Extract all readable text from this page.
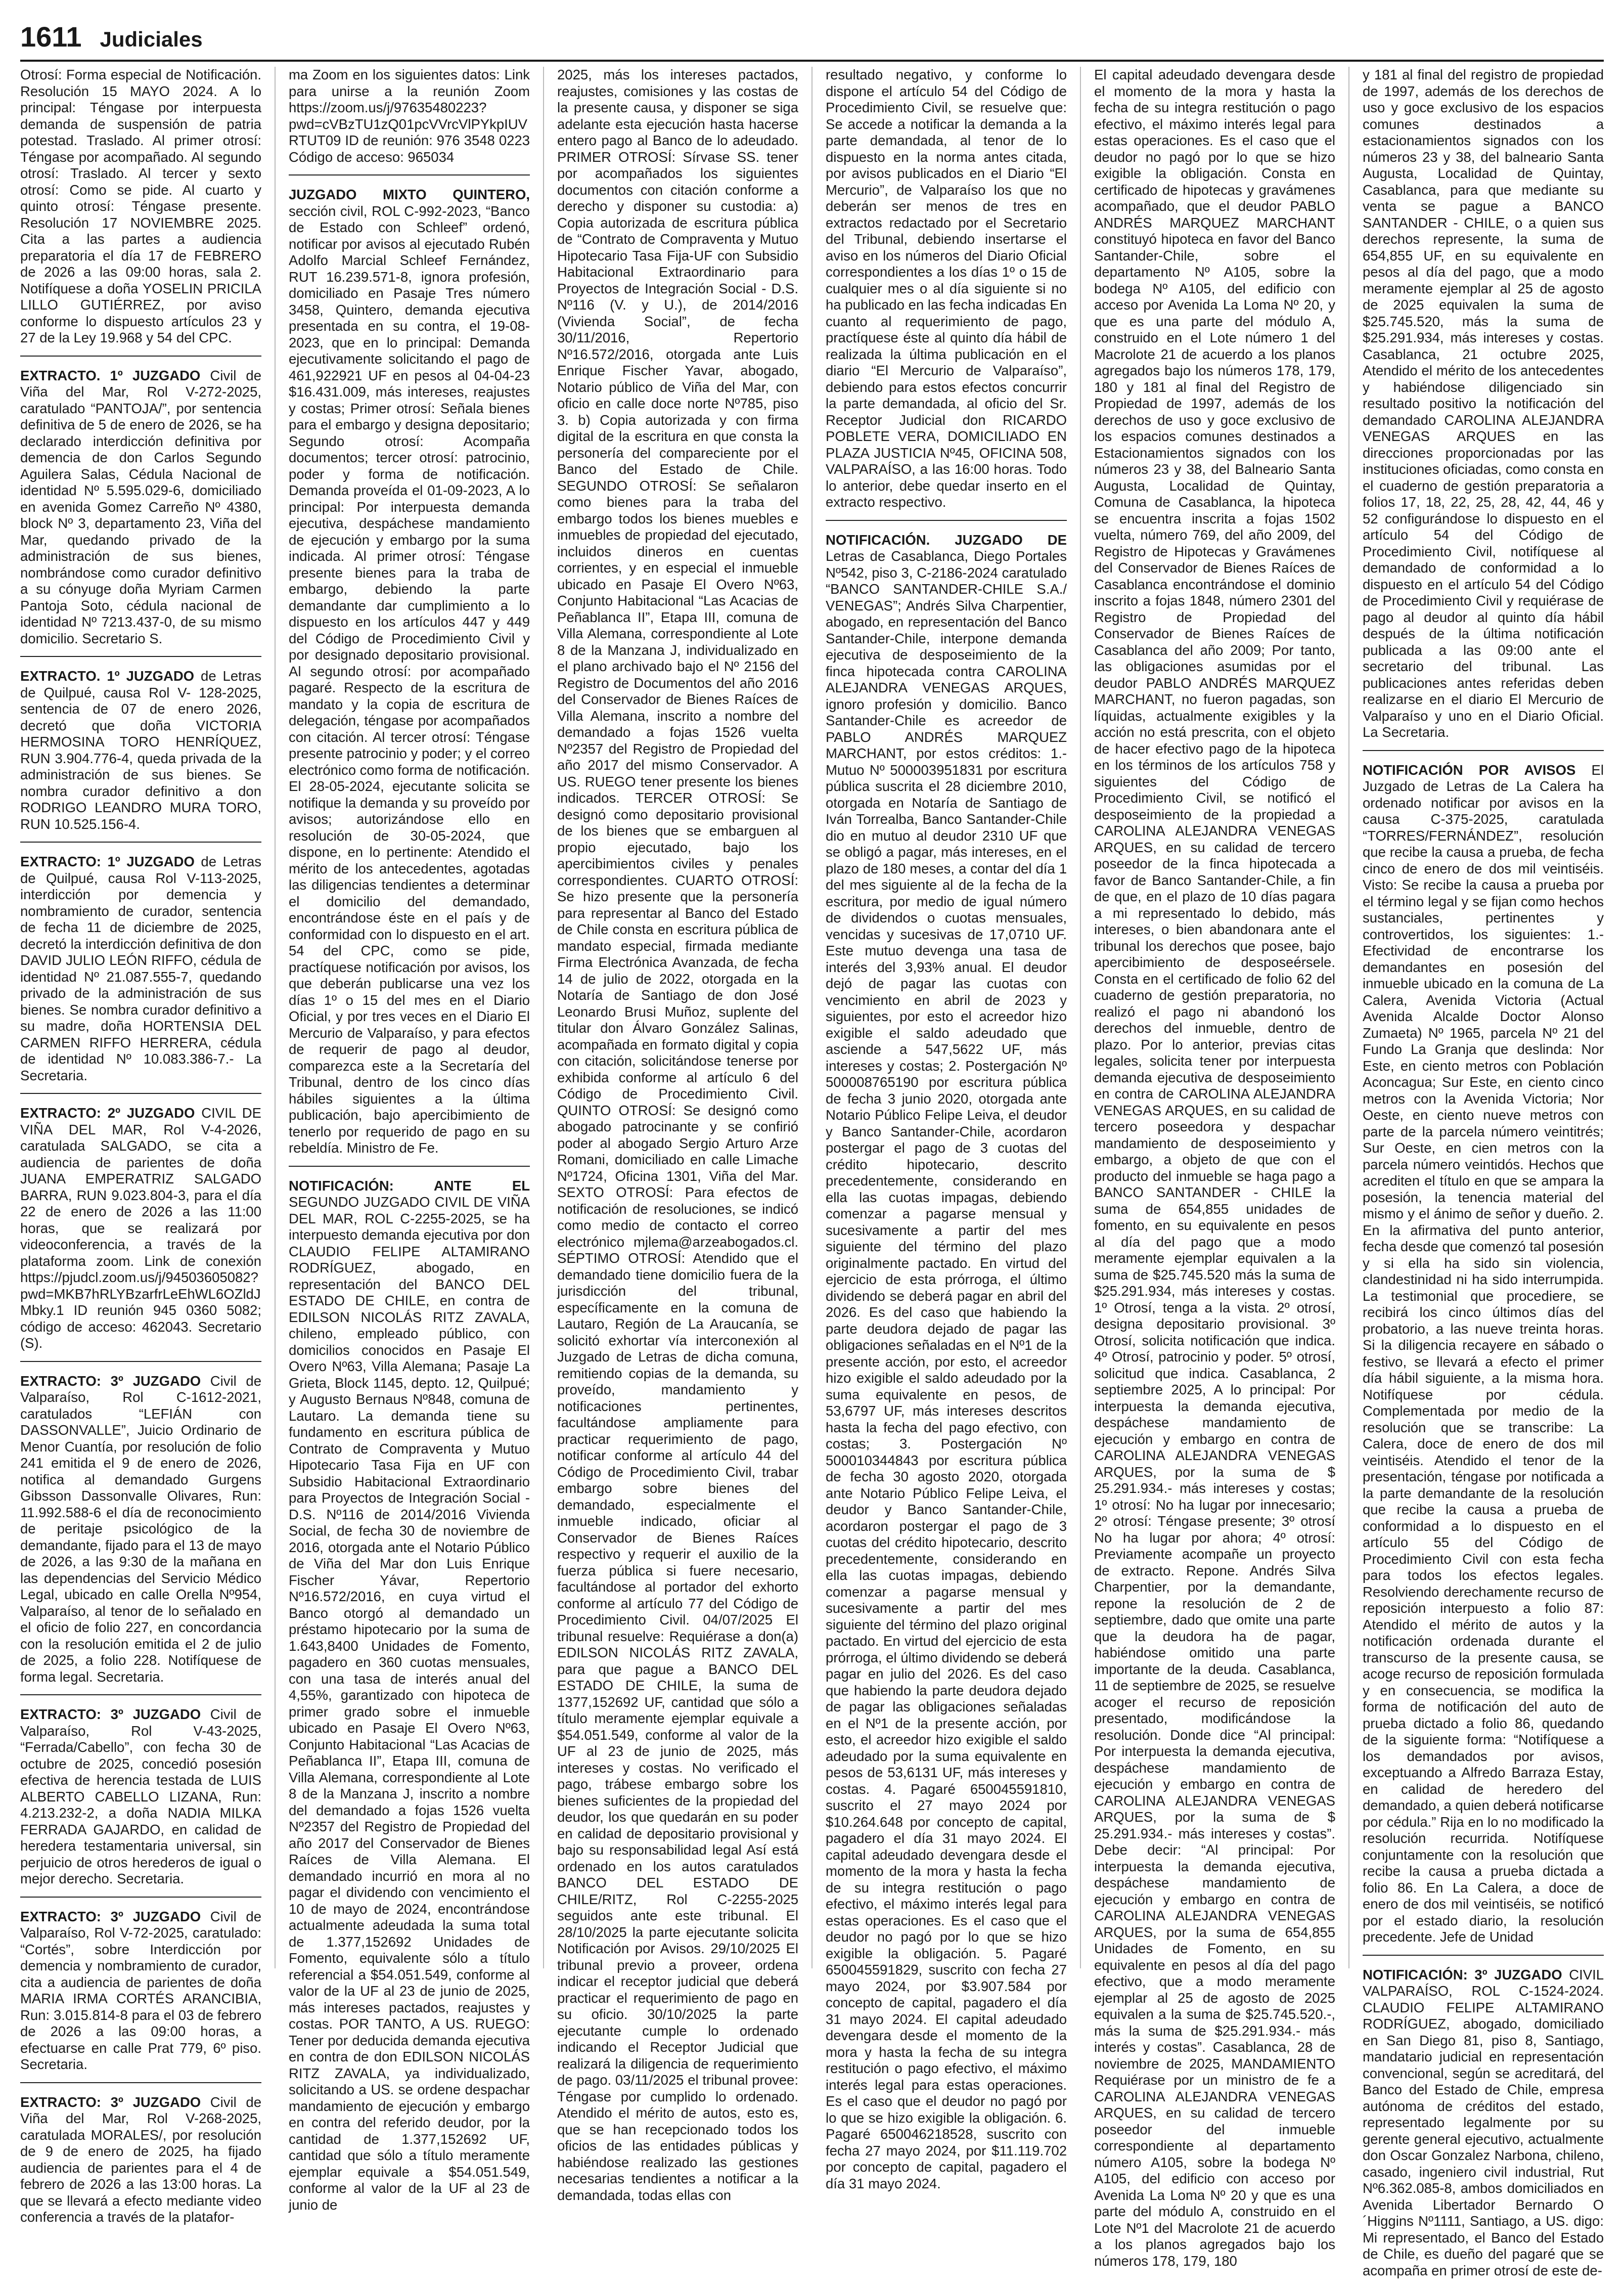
1611 Judiciales

Otrosí: Forma especial de Notificación. Resolución 15 MAYO 2024. A lo principal: Téngase por interpuesta demanda de suspensión de patria potestad. Traslado. Al primer otrosí: Téngase por acompañado. Al segundo otrosí: Traslado. Al tercer y sexto otrosí: Como se pide. Al cuarto y quinto otrosí: Téngase presente. Resolución 17 NOVIEMBRE 2025. Cita a las partes a audiencia preparatoria el día 17 de FEBRERO de 2026 a las 09:00 horas, sala 2. Notifíquese a doña YOSELIN PRICILA LILLO GUTIÉRREZ, por aviso conforme lo dispuesto artículos 23 y 27 de la Ley 19.968 y 54 del CPC.

EXTRACTO. 1º JUZGADO Civil de Viña del Mar, Rol V-272-2025, caratulado “PANTOJA/”, por sentencia definitiva de 5 de enero de 2026, se ha declarado interdicción definitiva por demencia de don Carlos Segundo Aguilera Salas, Cédula Nacional de identidad Nº 5.595.029-6, domiciliado en avenida Gomez Carreño Nº 4380, block Nº 3, departamento 23, Viña del Mar, quedando privado de la administración de sus bienes, nombrándose como curador definitivo a su cónyuge doña Myriam Carmen Pantoja Soto, cédula nacional de identidad Nº 7213.437-0, de su mismo domicilio. Secretario S.

EXTRACTO. 1º JUZGADO de Letras de Quilpué, causa Rol V- 128-2025, sentencia de 07 de enero 2026, decretó que doña VICTORIA HERMOSINA TORO HENRÍQUEZ, RUN 3.904.776-4, queda privada de la administración de sus bienes. Se nombra curador definitivo a don RODRIGO LEANDRO MURA TORO, RUN 10.525.156-4.

EXTRACTO: 1º JUZGADO de Letras de Quilpué, causa Rol V-113-2025, interdicción por demencia y nombramiento de curador, sentencia de fecha 11 de diciembre de 2025, decretó la interdicción definitiva de don DAVID JULIO LEÓN RIFFO, cédula de identidad Nº 21.087.555-7, quedando privado de la administración de sus bienes. Se nombra curador definitivo a su madre, doña HORTENSIA DEL CARMEN RIFFO HERRERA, cédula de identidad Nº 10.083.386-7.- La Secretaria.

EXTRACTO: 2º JUZGADO CIVIL DE VIÑA DEL MAR, Rol V-4-2026, caratulada SALGADO, se cita a audiencia de parientes de doña JUANA EMPERATRIZ SALGADO BARRA, RUN 9.023.804-3, para el día 22 de enero de 2026 a las 11:00 horas, que se realizará por videoconferencia, a través de la plataforma zoom. Link de conexión https://pjudcl.zoom.us/j/94503605082?pwd=MKB7hRLYBzarfrLeEhWL6OZldJMbky.1 ID reunión 945 0360 5082; código de acceso: 462043. Secretario (S).

EXTRACTO: 3º JUZGADO Civil de Valparaíso, Rol C-1612-2021, caratulados “LEFIÁN con DASSONVALLE”, Juicio Ordinario de Menor Cuantía, por resolución de folio 241 emitida el 9 de enero de 2026, notifica al demandado Gurgens Gibsson Dassonvalle Olivares, Run: 11.992.588-6 el día de reconocimiento de peritaje psicológico de la demandante, fijado para el 13 de mayo de 2026, a las 9:30 de la mañana en las dependencias del Servicio Médico Legal, ubicado en calle Orella Nº954, Valparaíso, al tenor de lo señalado en el oficio de folio 227, en concordancia con la resolución emitida el 2 de julio de 2025, a folio 228. Notifíquese de forma legal. Secretaria.

EXTRACTO: 3º JUZGADO Civil de Valparaíso, Rol V-43-2025, “Ferrada/Cabello”, con fecha 30 de octubre de 2025, concedió posesión efectiva de herencia testada de LUIS ALBERTO CABELLO LIZANA, Run: 4.213.232-2, a doña NADIA MILKA FERRADA GAJARDO, en calidad de heredera testamentaria universal, sin perjuicio de otros herederos de igual o mejor derecho. Secretaria.

EXTRACTO: 3º JUZGADO Civil de Valparaíso, Rol V-72-2025, caratulado: “Cortés”, sobre Interdicción por demencia y nombramiento de curador, cita a audiencia de parientes de doña MARIA IRMA CORTÉS ARANCIBIA, Run: 3.015.814-8 para el 03 de febrero de 2026 a las 09:00 horas, a efectuarse en calle Prat 779, 6º piso. Secretaria.

EXTRACTO: 3º JUZGADO Civil de Viña del Mar, Rol V-268-2025, caratulada MORALES/, por resolución de 9 de enero de 2025, ha fijado audiencia de parientes para el 4 de febrero de 2026 a las 13:00 horas. La que se llevará a efecto mediante video conferencia a través de la platafor-

ma Zoom en los siguientes datos: Link para unirse a la reunión Zoom https://zoom.us/j/97635480223?pwd=cVBzTU1zQ01pcVVrcVlPYkpIUVRTUT09 ID de reunión: 976 3548 0223 Código de acceso: 965034

JUZGADO MIXTO QUINTERO, sección civil, ROL C-992-2023, “Banco de Estado con Schleef” ordenó, notificar por avisos al ejecutado Rubén Adolfo Marcial Schleef Fernández, RUT 16.239.571-8, ignora profesión, domiciliado en Pasaje Tres número 3458, Quintero, demanda ejecutiva presentada en su contra, el 19-08-2023, que en lo principal: Demanda ejecutivamente solicitando el pago de 461,922921 UF en pesos al 04-04-23 $16.431.009, más intereses, reajustes y costas; Primer otrosí: Señala bienes para el embargo y designa depositario; Segundo otrosí: Acompaña documentos; tercer otrosí: patrocinio, poder y forma de notificación. Demanda proveída el 01-09-2023, A lo principal: Por interpuesta demanda ejecutiva, despáchese mandamiento de ejecución y embargo por la suma indicada. Al primer otrosí: Téngase presente bienes para la traba de embargo, debiendo la parte demandante dar cumplimiento a lo dispuesto en los artículos 447 y 449 del Código de Procedimiento Civil y por designado depositario provisional. Al segundo otrosí: por acompañado pagaré. Respecto de la escritura de mandato y la copia de escritura de delegación, téngase por acompañados con citación. Al tercer otrosí: Téngase presente patrocinio y poder; y el correo electrónico como forma de notificación. El 28-05-2024, ejecutante solicita se notifique la demanda y su proveído por avisos; autorizándose ello en resolución de 30-05-2024, que dispone, en lo pertinente: Atendido el mérito de los antecedentes, agotadas las diligencias tendientes a determinar el domicilio del demandado, encontrándose éste en el país y de conformidad con lo dispuesto en el art. 54 del CPC, como se pide, practíquese notificación por avisos, los que deberán publicarse una vez los días 1º o 15 del mes en el Diario Oficial, y por tres veces en el Diario El Mercurio de Valparaíso, y para efectos de requerir de pago al deudor, comparezca este a la Secretaría del Tribunal, dentro de los cinco días hábiles siguientes a la última publicación, bajo apercibimiento de tenerlo por requerido de pago en su rebeldía. Ministro de Fe.

NOTIFICACIÓN: ANTE EL SEGUNDO JUZGADO CIVIL DE VIÑA DEL MAR, ROL C-2255-2025, se ha interpuesto demanda ejecutiva por don CLAUDIO FELIPE ALTAMIRANO RODRÍGUEZ, abogado, en representación del BANCO DEL ESTADO DE CHILE, en contra de EDILSON NICOLÁS RITZ ZAVALA, chileno, empleado público, con domicilios conocidos en Pasaje El Overo Nº63, Villa Alemana; Pasaje La Grieta, Block 1145, depto. 12, Quilpué; y Augusto Bernaus Nº848, comuna de Lautaro. La demanda tiene su fundamento en escritura pública de Contrato de Compraventa y Mutuo Hipotecario Tasa Fija en UF con Subsidio Habitacional Extraordinario para Proyectos de Integración Social - D.S. Nº116 de 2014/2016 Vivienda Social, de fecha 30 de noviembre de 2016, otorgada ante el Notario Público de Viña del Mar don Luis Enrique Fischer Yávar, Repertorio Nº16.572/2016, en cuya virtud el Banco otorgó al demandado un préstamo hipotecario por la suma de 1.643,8400 Unidades de Fomento, pagadero en 360 cuotas mensuales, con una tasa de interés anual del 4,55%, garantizado con hipoteca de primer grado sobre el inmueble ubicado en Pasaje El Overo Nº63, Conjunto Habitacional “Las Acacias de Peñablanca II”, Etapa III, comuna de Villa Alemana, correspondiente al Lote 8 de la Manzana J, inscrito a nombre del demandado a fojas 1526 vuelta Nº2357 del Registro de Propiedad del año 2017 del Conservador de Bienes Raíces de Villa Alemana. El demandado incurrió en mora al no pagar el dividendo con vencimiento el 10 de mayo de 2024, encontrándose actualmente adeudada la suma total de 1.377,152692 Unidades de Fomento, equivalente sólo a título referencial a $54.051.549, conforme al valor de la UF al 23 de junio de 2025, más intereses pactados, reajustes y costas. POR TANTO, A US. RUEGO: Tener por deducida demanda ejecutiva en contra de don EDILSON NICOLÁS RITZ ZAVALA, ya individualizado, solicitando a US. se ordene despachar mandamiento de ejecución y embargo en contra del referido deudor, por la cantidad de 1.377,152692 UF, cantidad que sólo a título meramente ejemplar equivale a $54.051.549, conforme al valor de la UF al 23 de junio de

2025, más los intereses pactados, reajustes, comisiones y las costas de la presente causa, y disponer se siga adelante esta ejecución hasta hacerse entero pago al Banco de lo adeudado. PRIMER OTROSÍ: Sírvase SS. tener por acompañados los siguientes documentos con citación conforme a derecho y disponer su custodia: a) Copia autorizada de escritura pública de “Contrato de Compraventa y Mutuo Hipotecario Tasa Fija-UF con Subsidio Habitacional Extraordinario para Proyectos de Integración Social - D.S. Nº116 (V. y U.), de 2014/2016 (Vivienda Social”, de fecha 30/11/2016, Repertorio Nº16.572/2016, otorgada ante Luis Enrique Fischer Yavar, abogado, Notario público de Viña del Mar, con oficio en calle doce norte Nº785, piso 3. b) Copia autorizada y con firma digital de la escritura en que consta la personería del compareciente por el Banco del Estado de Chile. SEGUNDO OTROSÍ: Se señalaron como bienes para la traba del embargo todos los bienes muebles e inmuebles de propiedad del ejecutado, incluidos dineros en cuentas corrientes, y en especial el inmueble ubicado en Pasaje El Overo Nº63, Conjunto Habitacional “Las Acacias de Peñablanca II”, Etapa III, comuna de Villa Alemana, correspondiente al Lote 8 de la Manzana J, individualizado en el plano archivado bajo el Nº 2156 del Registro de Documentos del año 2016 del Conservador de Bienes Raíces de Villa Alemana, inscrito a nombre del demandado a fojas 1526 vuelta Nº2357 del Registro de Propiedad del año 2017 del mismo Conservador. A US. RUEGO tener presente los bienes indicados. TERCER OTROSÍ: Se designó como depositario provisional de los bienes que se embarguen al propio ejecutado, bajo los apercibimientos civiles y penales correspondientes. CUARTO OTROSÍ: Se hizo presente que la personería para representar al Banco del Estado de Chile consta en escritura pública de mandato especial, firmada mediante Firma Electrónica Avanzada, de fecha 14 de julio de 2022, otorgada en la Notaría de Santiago de don José Leonardo Brusi Muñoz, suplente del titular don Álvaro González Salinas, acompañada en formato digital y copia con citación, solicitándose tenerse por exhibida conforme al artículo 6 del Código de Procedimiento Civil. QUINTO OTROSÍ: Se designó como abogado patrocinante y se confirió poder al abogado Sergio Arturo Arze Romani, domiciliado en calle Limache Nº1724, Oficina 1301, Viña del Mar. SEXTO OTROSÍ: Para efectos de notificación de resoluciones, se indicó como medio de contacto el correo electrónico mjlema@arzeabogados.cl. SÉPTIMO OTROSÍ: Atendido que el demandado tiene domicilio fuera de la jurisdicción del tribunal, específicamente en la comuna de Lautaro, Región de La Araucanía, se solicitó exhortar vía interconexión al Juzgado de Letras de dicha comuna, remitiendo copias de la demanda, su proveído, mandamiento y notificaciones pertinentes, facultándose ampliamente para practicar requerimiento de pago, notificar conforme al artículo 44 del Código de Procedimiento Civil, trabar embargo sobre bienes del demandado, especialmente el inmueble indicado, oficiar al Conservador de Bienes Raíces respectivo y requerir el auxilio de la fuerza pública si fuere necesario, facultándose al portador del exhorto conforme al artículo 77 del Código de Procedimiento Civil. 04/07/2025 El tribunal resuelve: Requiérase a don(a) EDILSON NICOLÁS RITZ ZAVALA, para que pague a BANCO DEL ESTADO DE CHILE, la suma de 1377,152692 UF, cantidad que sólo a título meramente ejemplar equivale a $54.051.549, conforme al valor de la UF al 23 de junio de 2025, más intereses y costas. No verificado el pago, trábese embargo sobre los bienes suficientes de la propiedad del deudor, los que quedarán en su poder en calidad de depositario provisional y bajo su responsabilidad legal Así está ordenado en los autos caratulados BANCO DEL ESTADO DE CHILE/RITZ, Rol C-2255-2025 seguidos ante este tribunal. El 28/10/2025 la parte ejecutante solicita Notificación por Avisos. 29/10/2025 El tribunal previo a proveer, ordena indicar el receptor judicial que deberá practicar el requerimiento de pago en su oficio. 30/10/2025 la parte ejecutante cumple lo ordenado indicando el Receptor Judicial que realizará la diligencia de requerimiento de pago. 03/11/2025 el tribunal provee: Téngase por cumplido lo ordenado. Atendido el mérito de autos, esto es, que se han recepcionado todos los oficios de las entidades públicas y habiéndose realizado las gestiones necesarias tendientes a notificar a la demandada, todas ellas con

resultado negativo, y conforme lo dispone el artículo 54 del Código de Procedimiento Civil, se resuelve que: Se accede a notificar la demanda a la parte demandada, al tenor de lo dispuesto en la norma antes citada, por avisos publicados en el Diario “El Mercurio”, de Valparaíso los que no deberán ser menos de tres en extractos redactado por el Secretario del Tribunal, debiendo insertarse el aviso en los números del Diario Oficial correspondientes a los días 1º o 15 de cualquier mes o al día siguiente si no ha publicado en las fecha indicadas En cuanto al requerimiento de pago, practíquese éste al quinto día hábil de realizada la última publicación en el diario “El Mercurio de Valparaíso”, debiendo para estos efectos concurrir la parte demandada, al oficio del Sr. Receptor Judicial don RICARDO POBLETE VERA, DOMICILIADO EN PLAZA JUSTICIA Nº45, OFICINA 508, VALPARAÍSO, a las 16:00 horas. Todo lo anterior, debe quedar inserto en el extracto respectivo.

NOTIFICACIÓN. JUZGADO DE Letras de Casablanca, Diego Portales Nº542, piso 3, C-2186-2024 caratulado “BANCO SANTANDER-CHILE S.A./ VENEGAS”; Andrés Silva Charpentier, abogado, en representación del Banco Santander-Chile, interpone demanda ejecutiva de desposeimiento de la finca hipotecada contra CAROLINA ALEJANDRA VENEGAS ARQUES, ignoro profesión y domicilio. Banco Santander-Chile es acreedor de PABLO ANDRÉS MARQUEZ MARCHANT, por estos créditos: 1.- Mutuo Nº 500003951831 por escritura pública suscrita el 28 diciembre 2010, otorgada en Notaría de Santiago de Iván Torrealba, Banco Santander-Chile dio en mutuo al deudor 2310 UF que se obligó a pagar, más intereses, en el plazo de 180 meses, a contar del día 1 del mes siguiente al de la fecha de la escritura, por medio de igual número de dividendos o cuotas mensuales, vencidas y sucesivas de 17,0710 UF. Este mutuo devenga una tasa de interés del 3,93% anual. El deudor dejó de pagar las cuotas con vencimiento en abril de 2023 y siguientes, por esto el acreedor hizo exigible el saldo adeudado que asciende a 547,5622 UF, más intereses y costas; 2. Postergación Nº 500008765190 por escritura pública de fecha 3 junio 2020, otorgada ante Notario Público Felipe Leiva, el deudor y Banco Santander-Chile, acordaron postergar el pago de 3 cuotas del crédito hipotecario, descrito precedentemente, considerando en ella las cuotas impagas, debiendo comenzar a pagarse mensual y sucesivamente a partir del mes siguiente del término del plazo originalmente pactado. En virtud del ejercicio de esta prórroga, el último dividendo se deberá pagar en abril del 2026. Es del caso que habiendo la parte deudora dejado de pagar las obligaciones señaladas en el Nº1 de la presente acción, por esto, el acreedor hizo exigible el saldo adeudado por la suma equivalente en pesos, de 53,6797 UF, más intereses descritos hasta la fecha del pago efectivo, con costas; 3. Postergación Nº 500010344843 por escritura pública de fecha 30 agosto 2020, otorgada ante Notario Público Felipe Leiva, el deudor y Banco Santander-Chile, acordaron postergar el pago de 3 cuotas del crédito hipotecario, descrito precedentemente, considerando en ella las cuotas impagas, debiendo comenzar a pagarse mensual y sucesivamente a partir del mes siguiente del término del plazo original pactado. En virtud del ejercicio de esta prórroga, el último dividendo se deberá pagar en julio del 2026. Es del caso que habiendo la parte deudora dejado de pagar las obligaciones señaladas en el Nº1 de la presente acción, por esto, el acreedor hizo exigible el saldo adeudado por la suma equivalente en pesos de 53,6131 UF, más intereses y costas. 4. Pagaré 650045591810, suscrito el 27 mayo 2024 por $10.264.648 por concepto de capital, pagadero el día 31 mayo 2024. El capital adeudado devengara desde el momento de la mora y hasta la fecha de su integra restitución o pago efectivo, el máximo interés legal para estas operaciones. Es el caso que el deudor no pagó por lo que se hizo exigible la obligación. 5. Pagaré 650045591829, suscrito con fecha 27 mayo 2024, por $3.907.584 por concepto de capital, pagadero el día 31 mayo 2024. El capital adeudado devengara desde el momento de la mora y hasta la fecha de su integra restitución o pago efectivo, el máximo interés legal para estas operaciones. Es el caso que el deudor no pagó por lo que se hizo exigible la obligación. 6. Pagaré 650046218528, suscrito con fecha 27 mayo 2024, por $11.119.702 por concepto de capital, pagadero el día 31 mayo 2024.

El capital adeudado devengara desde el momento de la mora y hasta la fecha de su integra restitución o pago efectivo, el máximo interés legal para estas operaciones. Es el caso que el deudor no pagó por lo que se hizo exigible la obligación. Consta en certificado de hipotecas y gravámenes acompañado, que el deudor PABLO ANDRÉS MARQUEZ MARCHANT constituyó hipoteca en favor del Banco Santander-Chile, sobre el departamento Nº A105, sobre la bodega Nº A105, del edificio con acceso por Avenida La Loma Nº 20, y que es una parte del módulo A, construido en el Lote número 1 del Macrolote 21 de acuerdo a los planos agregados bajo los números 178, 179, 180 y 181 al final del Registro de Propiedad de 1997, además de los derechos de uso y goce exclusivo de los espacios comunes destinados a Estacionamientos signados con los números 23 y 38, del Balneario Santa Augusta, Localidad de Quintay, Comuna de Casablanca, la hipoteca se encuentra inscrita a fojas 1502 vuelta, número 769, del año 2009, del Registro de Hipotecas y Gravámenes del Conservador de Bienes Raíces de Casablanca encontrándose el dominio inscrito a fojas 1848, número 2301 del Registro de Propiedad del Conservador de Bienes Raíces de Casablanca del año 2009; Por tanto, las obligaciones asumidas por el deudor PABLO ANDRÉS MARQUEZ MARCHANT, no fueron pagadas, son líquidas, actualmente exigibles y la acción no está prescrita, con el objeto de hacer efectivo pago de la hipoteca en los términos de los artículos 758 y siguientes del Código de Procedimiento Civil, se notificó el desposeimiento de la propiedad a CAROLINA ALEJANDRA VENEGAS ARQUES, en su calidad de tercero poseedor de la finca hipotecada a favor de Banco Santander-Chile, a fin de que, en el plazo de 10 días pagara a mi representado lo debido, más intereses, o bien abandonara ante el tribunal los derechos que posee, bajo apercibimiento de desposeérsele. Consta en el certificado de folio 62 del cuaderno de gestión preparatoria, no realizó el pago ni abandonó los derechos del inmueble, dentro de plazo. Por lo anterior, previas citas legales, solicita tener por interpuesta demanda ejecutiva de desposeimiento en contra de CAROLINA ALEJANDRA VENEGAS ARQUES, en su calidad de tercero poseedora y despachar mandamiento de desposeimiento y embargo, a objeto de que con el producto del inmueble se haga pago a BANCO SANTANDER - CHILE la suma de 654,855 unidades de fomento, en su equivalente en pesos al día del pago que a modo meramente ejemplar equivalen a la suma de $25.745.520 más la suma de $25.291.934, más intereses y costas. 1º Otrosí, tenga a la vista. 2º otrosí, designa depositario provisional. 3º Otrosí, solicita notificación que indica. 4º Otrosí, patrocinio y poder. 5º otrosí, solicitud que indica. Casablanca, 2 septiembre 2025, A lo principal: Por interpuesta la demanda ejecutiva, despáchese mandamiento de ejecución y embargo en contra de CAROLINA ALEJANDRA VENEGAS ARQUES, por la suma de $ 25.291.934.- más intereses y costas; 1º otrosí: No ha lugar por innecesario; 2º otrosí: Téngase presente; 3º otrosí No ha lugar por ahora; 4º otrosí: Previamente acompañe un proyecto de extracto. Repone. Andrés Silva Charpentier, por la demandante, repone la resolución de 2 de septiembre, dado que omite una parte que la deudora ha de pagar, habiéndose omitido una parte importante de la deuda. Casablanca, 11 de septiembre de 2025, se resuelve acoger el recurso de reposición presentado, modificándose la resolución. Donde dice “Al principal: Por interpuesta la demanda ejecutiva, despáchese mandamiento de ejecución y embargo en contra de CAROLINA ALEJANDRA VENEGAS ARQUES, por la suma de $ 25.291.934.- más intereses y costas”. Debe decir: “Al principal: Por interpuesta la demanda ejecutiva, despáchese mandamiento de ejecución y embargo en contra de CAROLINA ALEJANDRA VENEGAS ARQUES, por la suma de 654,855 Unidades de Fomento, en su equivalente en pesos al día del pago efectivo, que a modo meramente ejemplar al 25 de agosto de 2025 equivalen a la suma de $25.745.520.-, más la suma de $25.291.934.- más interés y costas”. Casablanca, 28 de noviembre de 2025, MANDAMIENTO Requiérase por un ministro de fe a CAROLINA ALEJANDRA VENEGAS ARQUES, en su calidad de tercero poseedor del inmueble correspondiente al departamento número A105, sobre la bodega Nº A105, del edificio con acceso por Avenida La Loma Nº 20 y que es una parte del módulo A, construido en el Lote Nº1 del Macrolote 21 de acuerdo a los planos agregados bajo los números 178, 179, 180

y 181 al final del registro de propiedad de 1997, además de los derechos de uso y goce exclusivo de los espacios comunes destinados a estacionamientos signados con los números 23 y 38, del balneario Santa Augusta, Localidad de Quintay, Casablanca, para que mediante su venta se pague a BANCO SANTANDER - CHILE, o a quien sus derechos represente, la suma de 654,855 UF, en su equivalente en pesos al día del pago, que a modo meramente ejemplar al 25 de agosto de 2025 equivalen la suma de $25.745.520, más la suma de $25.291.934, más intereses y costas. Casablanca, 21 octubre 2025, Atendido el mérito de los antecedentes y habiéndose diligenciado sin resultado positivo la notificación del demandado CAROLINA ALEJANDRA VENEGAS ARQUES en las direcciones proporcionadas por las instituciones oficiadas, como consta en el cuaderno de gestión preparatoria a folios 17, 18, 22, 25, 28, 42, 44, 46 y 52 configurándose lo dispuesto en el artículo 54 del Código de Procedimiento Civil, notifíquese al demandado de conformidad a lo dispuesto en el artículo 54 del Código de Procedimiento Civil y requiérase de pago al deudor al quinto día hábil después de la última notificación publicada a las 09:00 ante el secretario del tribunal. Las publicaciones antes referidas deben realizarse en el diario El Mercurio de Valparaíso y uno en el Diario Oficial. La Secretaria.

NOTIFICACIÓN POR AVISOS El Juzgado de Letras de La Calera ha ordenado notificar por avisos en la causa C-375-2025, caratulada “TORRES/FERNÁNDEZ”, resolución que recibe la causa a prueba, de fecha cinco de enero de dos mil veintiséis. Visto: Se recibe la causa a prueba por el término legal y se fijan como hechos sustanciales, pertinentes y controvertidos, los siguientes: 1.- Efectividad de encontrarse los demandantes en posesión del inmueble ubicado en la comuna de La Calera, Avenida Victoria (Actual Avenida Alcalde Doctor Alonso Zumaeta) Nº 1965, parcela Nº 21 del Fundo La Granja que deslinda: Nor Este, en ciento metros con Población Aconcagua; Sur Este, en ciento cinco metros con la Avenida Victoria; Nor Oeste, en ciento nueve metros con parte de la parcela número veintitrés; Sur Oeste, en cien metros con la parcela número veintidós. Hechos que acrediten el título en que se ampara la posesión, la tenencia material del mismo y el ánimo de señor y dueño. 2. En la afirmativa del punto anterior, fecha desde que comenzó tal posesión y si ella ha sido sin violencia, clandestinidad ni ha sido interrumpida. La testimonial que procediere, se recibirá los cinco últimos días del probatorio, a las nueve treinta horas. Si la diligencia recayere en sábado o festivo, se llevará a efecto el primer día hábil siguiente, a la misma hora. Notifíquese por cédula. Complementada por medio de la resolución que se transcribe: La Calera, doce de enero de dos mil veintiséis. Atendido el tenor de la presentación, téngase por notificada a la parte demandante de la resolución que recibe la causa a prueba de conformidad a lo dispuesto en el artículo 55 del Código de Procedimiento Civil con esta fecha para todos los efectos legales. Resolviendo derechamente recurso de reposición interpuesto a folio 87: Atendido el mérito de autos y la notificación ordenada durante el transcurso de la presente causa, se acoge recurso de reposición formulada y en consecuencia, se modifica la forma de notificación del auto de prueba dictado a folio 86, quedando de la siguiente forma: “Notifíquese a los demandados por avisos, exceptuando a Alfredo Barraza Estay, en calidad de heredero del demandado, a quien deberá notificarse por cédula.” Rija en lo no modificado la resolución recurrida. Notifíquese conjuntamente con la resolución que recibe la causa a prueba dictada a folio 86. En La Calera, a doce de enero de dos mil veintiséis, se notificó por el estado diario, la resolución precedente. Jefe de Unidad

NOTIFICACIÓN: 3º JUZGADO CIVIL VALPARAÍSO, ROL C-1524-2024. CLAUDIO FELIPE ALTAMIRANO RODRÍGUEZ, abogado, domiciliado en San Diego 81, piso 8, Santiago, mandatario judicial en representación convencional, según se acreditará, del Banco del Estado de Chile, empresa autónoma de créditos del estado, representado legalmente por su gerente general ejecutivo, actualmente don Oscar Gonzalez Narbona, chileno, casado, ingeniero civil industrial, Rut Nº6.362.085-8, ambos domiciliados en Avenida Libertador Bernardo O´Higgins Nº1111, Santiago, a US. digo: Mi representado, el Banco del Estado de Chile, es dueño del pagaré que se acompaña en primer otrosí de este de-
